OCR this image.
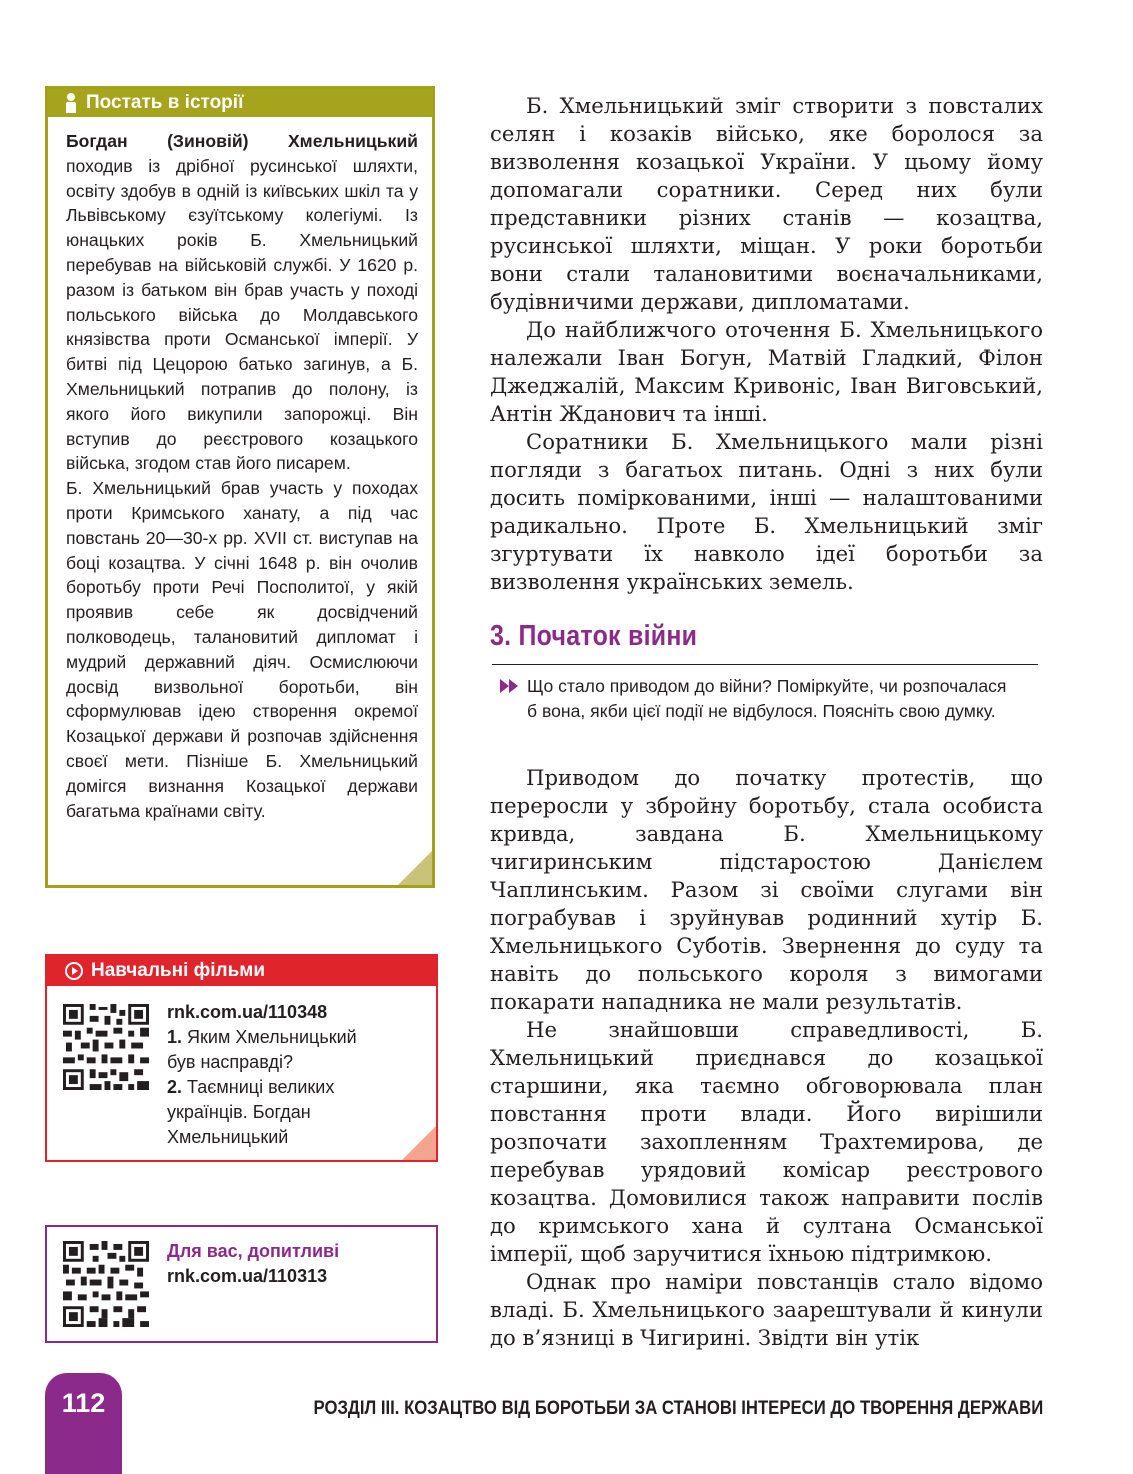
Постать в історії

Богдан (Зиновій) Хмельницький походив із дрібної русинської шляхти, освіту здобув в одній із київських шкіл та у Львівському єзуїтському колегіумі. Із юнацьких років Б. Хмельницький перебував на військовій службі. У 1620 р. разом із батьком він брав участь у поході польського війська до Молдавського князівства проти Османської імперії. У битві під Цецорою батько загинув, а Б. Хмельницький потрапив до полону, із якого його викупили запорожці. Він вступив до реєстрового козацького війська, згодом став його писарем.

Б. Хмельницький брав участь у походах проти Кримського ханату, а під час повстань 20—30-х рр. XVII ст. виступав на боці козацтва. У січні 1648 р. він очолив боротьбу проти Речі Посполитої, у якій проявив себе як досвідчений полководець, талановитий дипломат і мудрий державний діяч. Осмислюючи досвід визвольної боротьби, він сформулював ідею створення окремої Козацької держави й розпочав здійснення своєї мети. Пізніше Б. Хмельницький домігся визнання Козацької держави багатьма країнами світу.

Навчальні фільми
rnk.com.ua/110348
1. Яким Хмельницький
був насправді?
2. Таємниці великих
українців. Богдан
Хмельницький
Для вас, допитливі
rnk.com.ua/110313

Б. Хмельницький зміг створити з повсталих селян і козаків військо, яке боролося за визволення козацької України. У цьому йому допомагали соратники. Серед них були представники різних станів — козацтва, русинської шляхти, міщан. У роки боротьби вони стали талановитими воєначальниками, будівничими держави, дипломатами.

До найближчого оточення Б. Хмельницького належали Іван Богун, Матвій Гладкий, Філон Джеджалій, Максим Кривоніс, Іван Виговський, Антін Жданович та інші.

Соратники Б. Хмельницького мали різні погляди з багатьох питань. Одні з них були досить поміркованими, інші — налаштованими радикально. Проте Б. Хмельницький зміг згуртувати їх навколо ідеї боротьби за визволення українських земель.

3. Початок війни
Що стало приводом до війни? Поміркуйте, чи розпочалася б вона, якби цієї події не відбулося. Поясніть свою думку.

Приводом до початку протестів, що переросли у збройну боротьбу, стала особиста кривда, завдана Б. Хмельницькому чигиринським підстаростою Данієлем Чаплинським. Разом зі своїми слугами він пограбував і зруйнував родинний хутір Б. Хмельницького Суботів. Звернення до суду та навіть до польського короля з вимогами покарати нападника не мали результатів.

Не знайшовши справедливості, Б. Хмельницький приєднався до козацької старшини, яка таємно обговорювала план повстання проти влади. Його вирішили розпочати захопленням Трахтемирова, де перебував урядовий комісар реєстрового козацтва. Домовилися також направити послів до кримського хана й султана Османської імперії, щоб заручитися їхньою підтримкою.

Однак про наміри повстанців стало відомо владі. Б. Хмельницького заарештували й кинули до в’язниці в Чигирині. Звідти він утік

112	РОЗДІЛ ІІІ. КОЗАЦТВО ВІД БОРОТЬБИ ЗА СТАНОВІ ІНТЕРЕСИ ДО ТВОРЕННЯ ДЕРЖАВИ
